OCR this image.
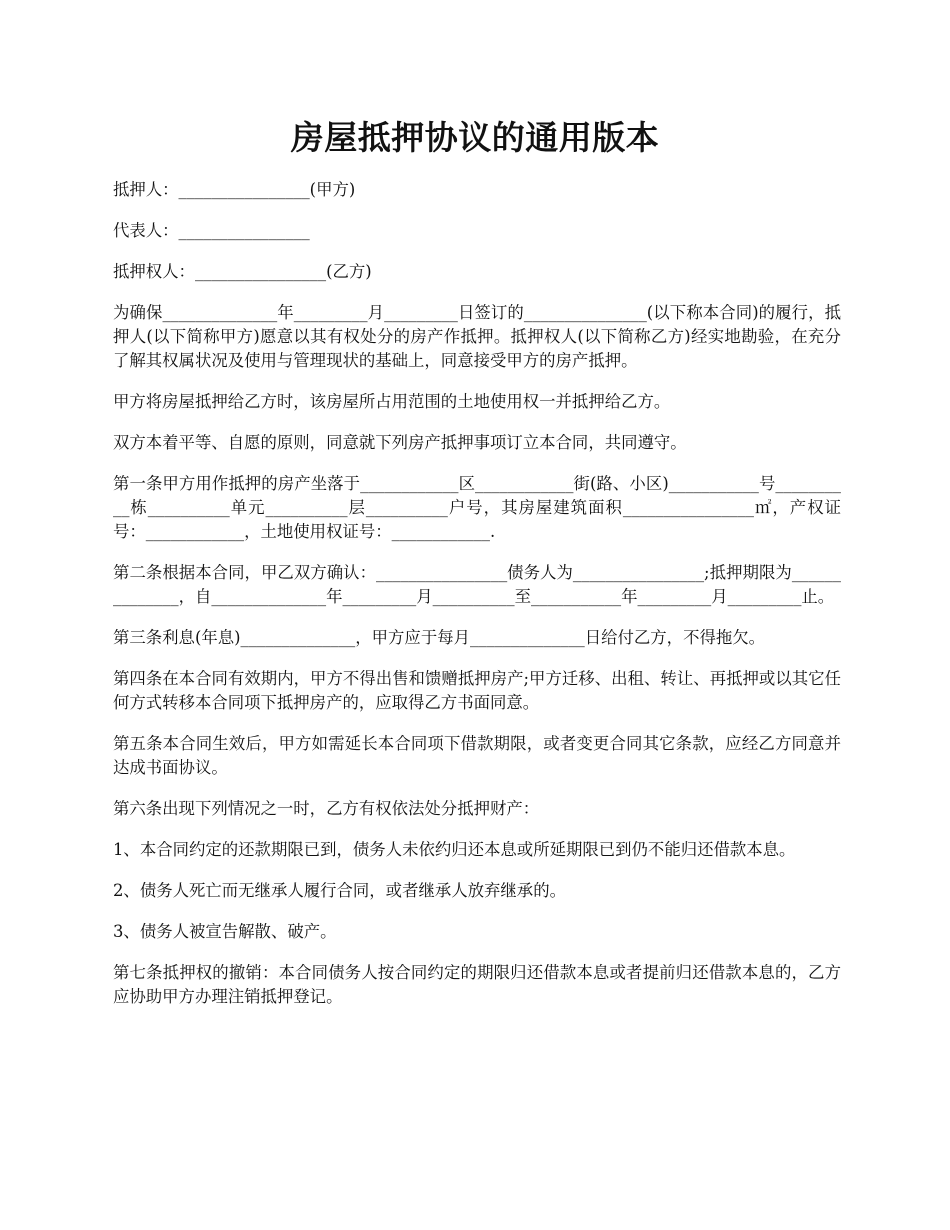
房屋抵押协议的通用版本

抵押人：________________(甲方)

代表人：________________

抵押权人：________________(乙方)

为确保______________年_________月_________日签订的_______________(以下称本合同)的履行，抵押人(以下简称甲方)愿意以其有权处分的房产作抵押。抵押权人(以下简称乙方)经实地勘验，在充分了解其权属状况及使用与管理现状的基础上，同意接受甲方的房产抵押。

甲方将房屋抵押给乙方时，该房屋所占用范围的土地使用权一并抵押给乙方。

双方本着平等、自愿的原则，同意就下列房产抵押事项订立本合同，共同遵守。

第一条甲方用作抵押的房产坐落于____________区____________街(路、小区)___________号__________栋__________单元__________层__________户号，其房屋建筑面积________________㎡，产权证号：____________，土地使用权证号：____________.

第二条根据本合同，甲乙双方确认：________________债务人为________________;抵押期限为______________，自______________年_________月__________至___________年_________月_________止。

第三条利息(年息)______________，甲方应于每月______________日给付乙方，不得拖欠。

第四条在本合同有效期内，甲方不得出售和馈赠抵押房产;甲方迁移、出租、转让、再抵押或以其它任何方式转移本合同项下抵押房产的，应取得乙方书面同意。

第五条本合同生效后，甲方如需延长本合同项下借款期限，或者变更合同其它条款，应经乙方同意并达成书面协议。

第六条出现下列情况之一时，乙方有权依法处分抵押财产：

1、本合同约定的还款期限已到，债务人未依约归还本息或所延期限已到仍不能归还借款本息。

2、债务人死亡而无继承人履行合同，或者继承人放弃继承的。

3、债务人被宣告解散、破产。

第七条抵押权的撤销：本合同债务人按合同约定的期限归还借款本息或者提前归还借款本息的，乙方应协助甲方办理注销抵押登记。
